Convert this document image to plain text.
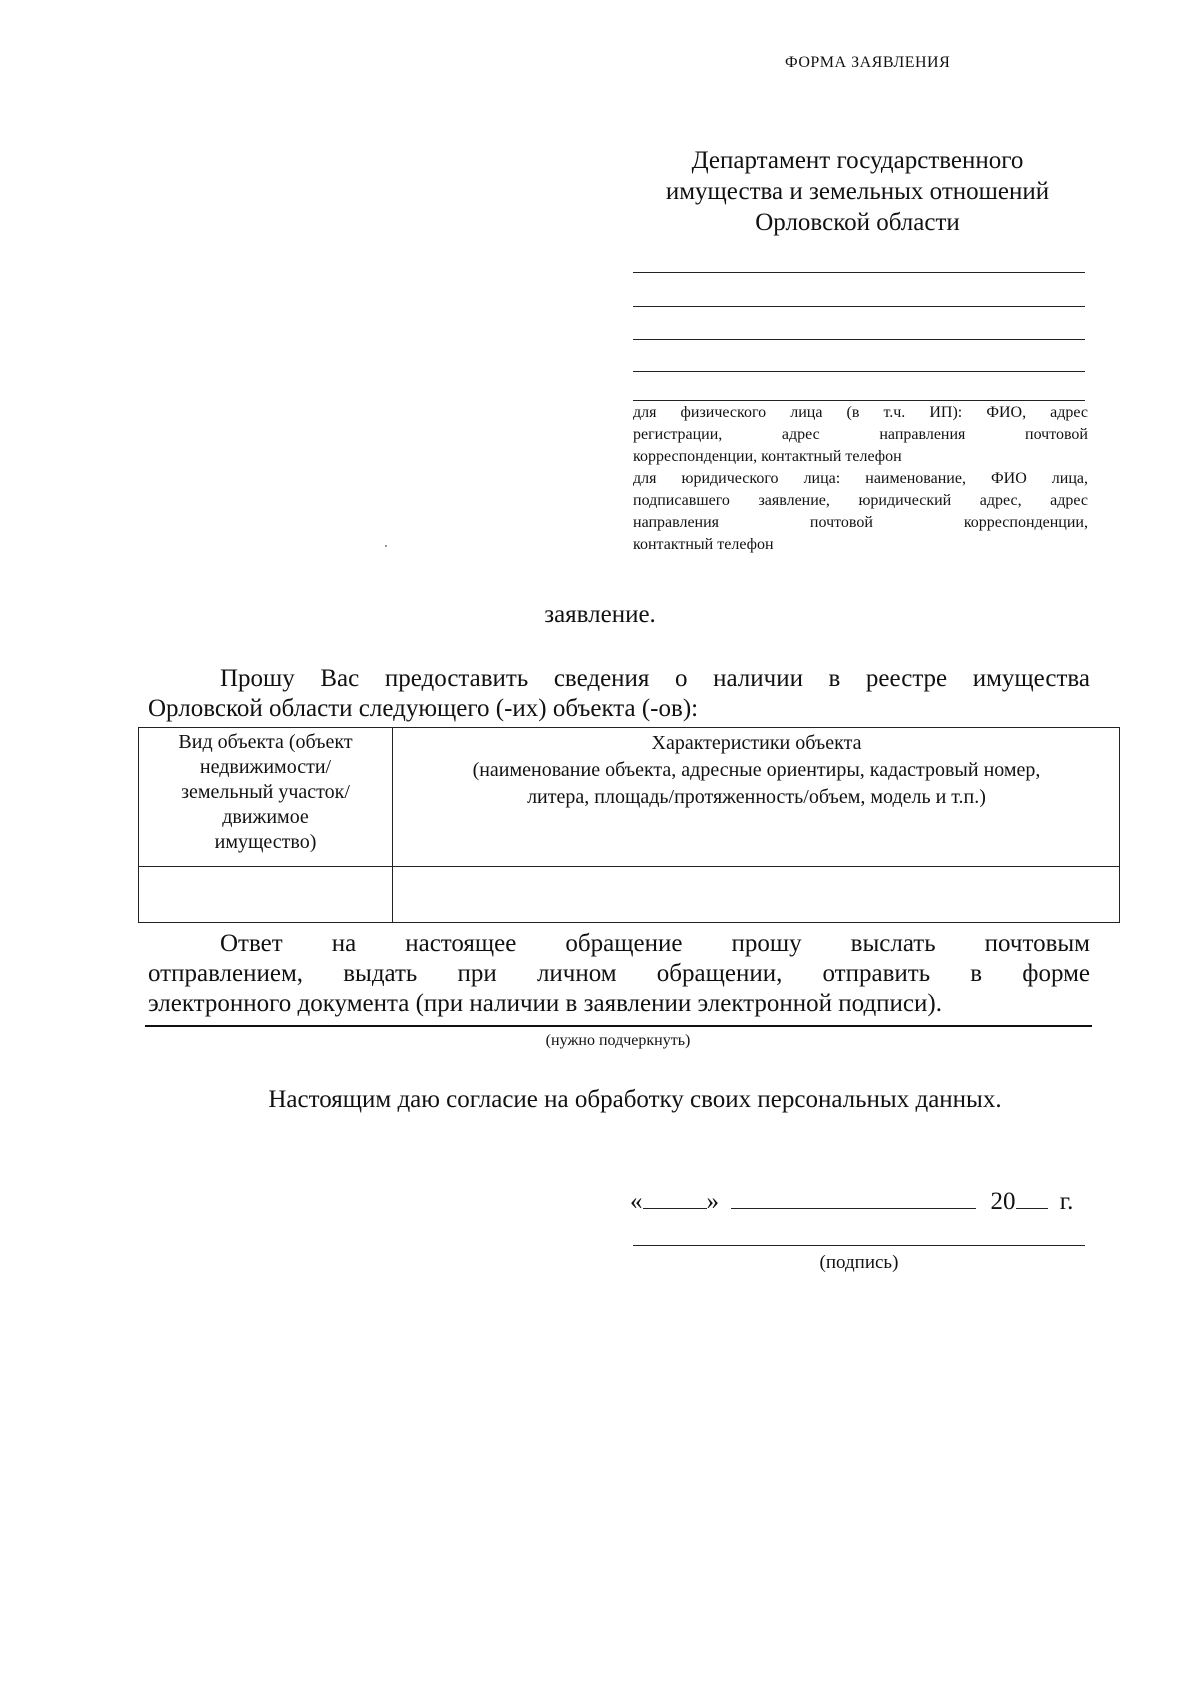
ФОРМА ЗАЯВЛЕНИЯ
Департамент государственного
имущества и земельных отношений
Орловской области
для физического лица (в т.ч. ИП): ФИО, адрес
регистрации, адрес направления почтовой
корреспонденции, контактный телефон
для юридического лица: наименование, ФИО лица,
подписавшего заявление, юридический адрес, адрес
направления почтовой корреспонденции,
контактный телефон
заявление.
Прошу Вас предоставить сведения о наличии в реестре имущества
Орловской области следующего (-их) объекта (-ов):
Вид объекта (объект
недвижимости/
земельный участок/
движимое
имущество)
Характеристики объекта
(наименование объекта, адресные ориентиры, кадастровый номер,
литера, площадь/протяженность/объем, модель и т.п.)
Ответ на настоящее обращение прошу выслать почтовым
отправлением, выдать при личном обращении, отправить в форме
электронного документа (при наличии в заявлении электронной подписи).
(нужно подчеркнуть)
Настоящим даю согласие на обработку своих персональных данных.
«	»	20 г.
(подпись)
